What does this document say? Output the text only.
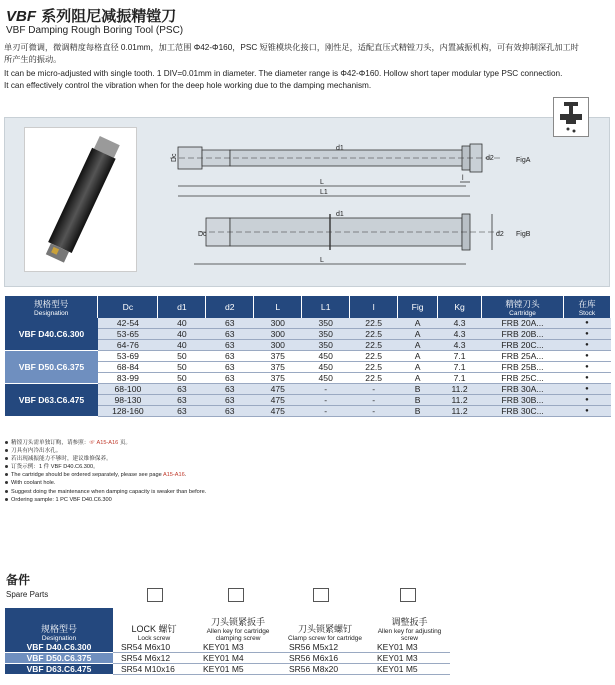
VBF 系列阻尼减振精镗刀
VBF Damping Rough Boring Tool (PSC)
单刃可微调，微调精度每格直径 0.01mm，加工范围 Φ42-Φ160，PSC 短锥模块化接口，刚性足，适配直压式精镗刀头，内置减振机构，可有效抑制深孔加工时
所产生的振动。
It can be micro-adjusted with single tooth. 1 DIV=0.01mm in diameter. The diameter range is Φ42-Φ160. Hollow short taper modular type PSC connection.
It can effectively control the vibration when for the deep hole working due to the damping mechanism.
Dc
d1
d2
L
L1
l
FigA
d1
Dc	d2
L
FigB
规格型号
Designation	Dc	d1	d2	L	L1	l	Fig	Kg	精镗刀头
Cartridge	在库
Stock

VBF D40.C6.300	42-54	40	63	300	350	22.5	A	4.3	FRB 20A...	●
	53-65	40	63	300	350	22.5	A	4.3	FRB 20B...	●
	64-76	40	63	300	350	22.5	A	4.3	FRB 20C...	●
VBF D50.C6.375	53-69	50	63	375	450	22.5	A	7.1	FRB 25A...	●
	68-84	50	63	375	450	22.5	A	7.1	FRB 25B...	●
	83-99	50	63	375	450	22.5	A	7.1	FRB 25C...	●
VBF D63.C6.475	68-100	63	63	475	-	-	B	11.2	FRB 30A...	●
	98-130	63	63	475	-	-	B	11.2	FRB 30B...	●
	128-160	63	63	475	-	-	B	11.2	FRB 30C...	●
精镗刀头需单独订购，请参照：☞ A15-A16 页。
刀具有内冷出水孔。
若出现减振能力不够时，建议维修保养。
订货示例：1 件 VBF D40.C6.300。
The cartridge should be ordered separately, please see page A15-A16.
With coolant hole.
Suggest doing the maintenance when damping capacity is weaker than before.
Ordering sample: 1 PC VBF D40.C6.300
备件
Spare Parts
规格型号
Designation	LOCK 螺钉
Lock screw	刀头锁紧扳手
Allen key for cartridge clamping screw	刀头锁紧螺钉
Clamp screw for cartridge	调整扳手
Allen key for adjusting screw

VBF D40.C6.300	SR54 M6x10	KEY01 M3	SR56 M5x12	KEY01 M3
VBF D50.C6.375	SR54 M6x12	KEY01 M4	SR56 M6x16	KEY01 M3
VBF D63.C6.475	SR54 M10x16	KEY01 M5	SR56 M8x20	KEY01 M5
